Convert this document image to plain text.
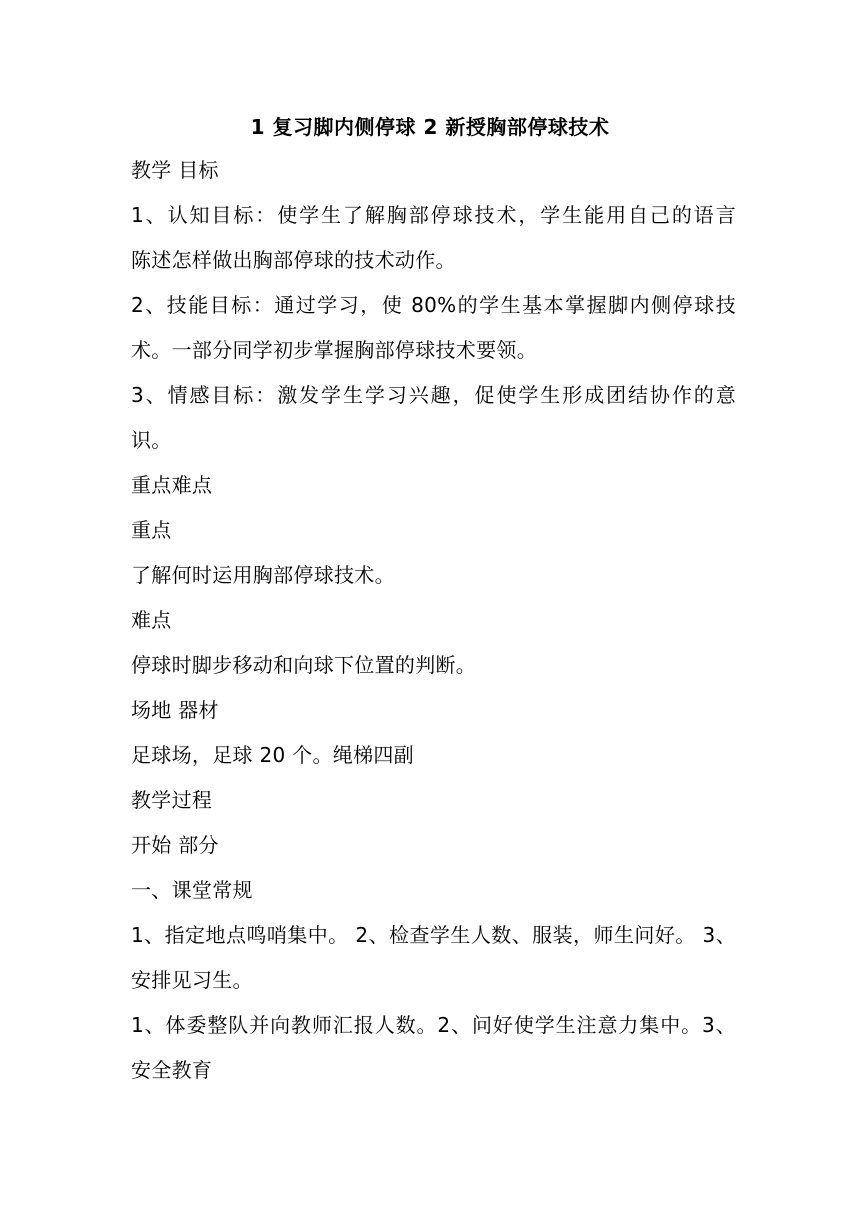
1 复习脚内侧停球 2 新授胸部停球技术
教学 目标
1、认知目标：使学生了解胸部停球技术，学生能用自己的语言
陈述怎样做出胸部停球的技术动作。
2、技能目标：通过学习，使 80%的学生基本掌握脚内侧停球技
术。一部分同学初步掌握胸部停球技术要领。
3、情感目标：激发学生学习兴趣，促使学生形成团结协作的意
识。
重点难点
重点
了解何时运用胸部停球技术。
难点
停球时脚步移动和向球下位置的判断。
场地 器材
足球场，足球 20 个。绳梯四副
教学过程
开始 部分
一、课堂常规
1、指定地点鸣哨集中。 2、检查学生人数、服装，师生问好。 3、
安排见习生。
1、体委整队并向教师汇报人数。2、问好使学生注意力集中。3、
安全教育
